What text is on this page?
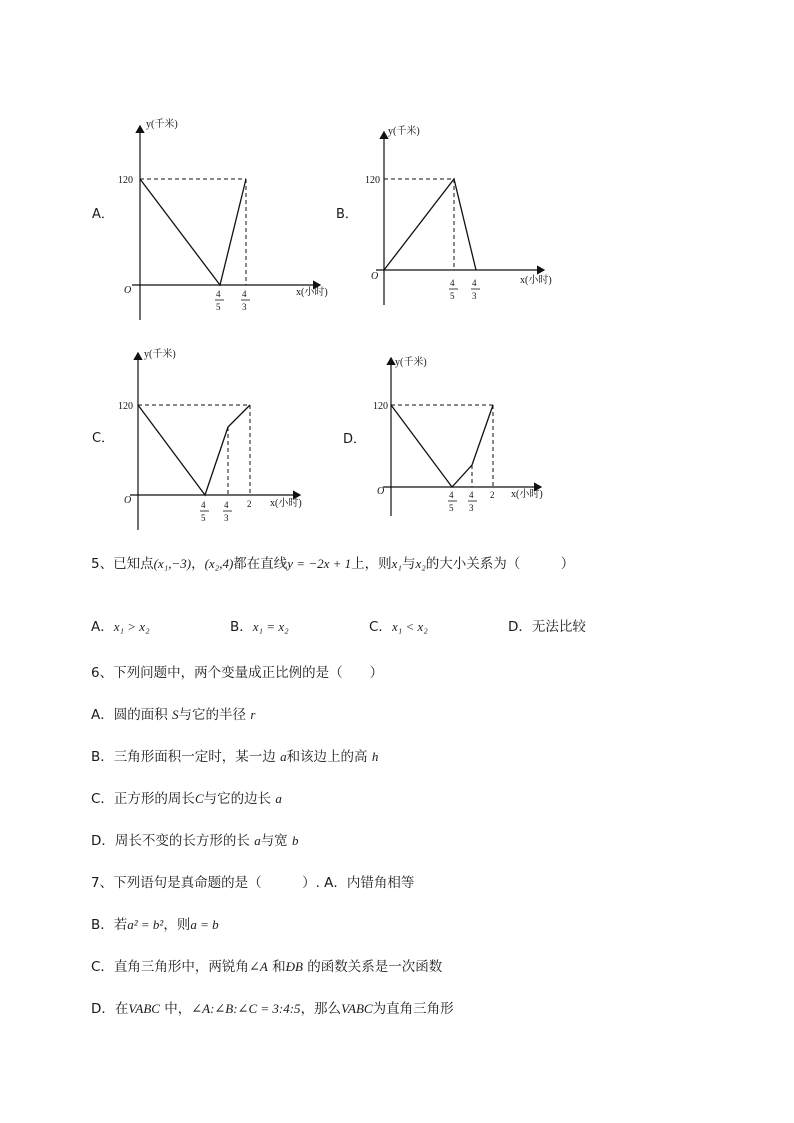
A．
y(千米)
120
O	x(小时)
4
5
4
3
B．
y(千米)
120
O	x(小时)
4
5
4
3
C．
y(千米)
120
O	x(小时)
4
5
4
3
2
D．
y(千米)
120
O	x(小时)
4
5
4
3
2
5、已知点(x₁,−3)，(x₂,4)都在直线y = −2x + 1上，则x₁与x₂的大小关系为（　　　）
A．x₁ > x₂	B．x₁ = x₂	C．x₁ < x₂	D．无法比较
6、下列问题中，两个变量成正比例的是（　　）
A．圆的面积 S与它的半径 r
B．三角形面积一定时，某一边 a和该边上的高 h
C．正方形的周长C与它的边长 a
D．周长不变的长方形的长 a与宽 b
7、下列语句是真命题的是（　　　）. A．内错角相等
B．若a² = b²，则a = b
C．直角三角形中，两锐角∠A 和ÐB 的函数关系是一次函数
D．在VABC 中，∠A:∠B:∠C = 3:4:5，那么VABC为直角三角形
